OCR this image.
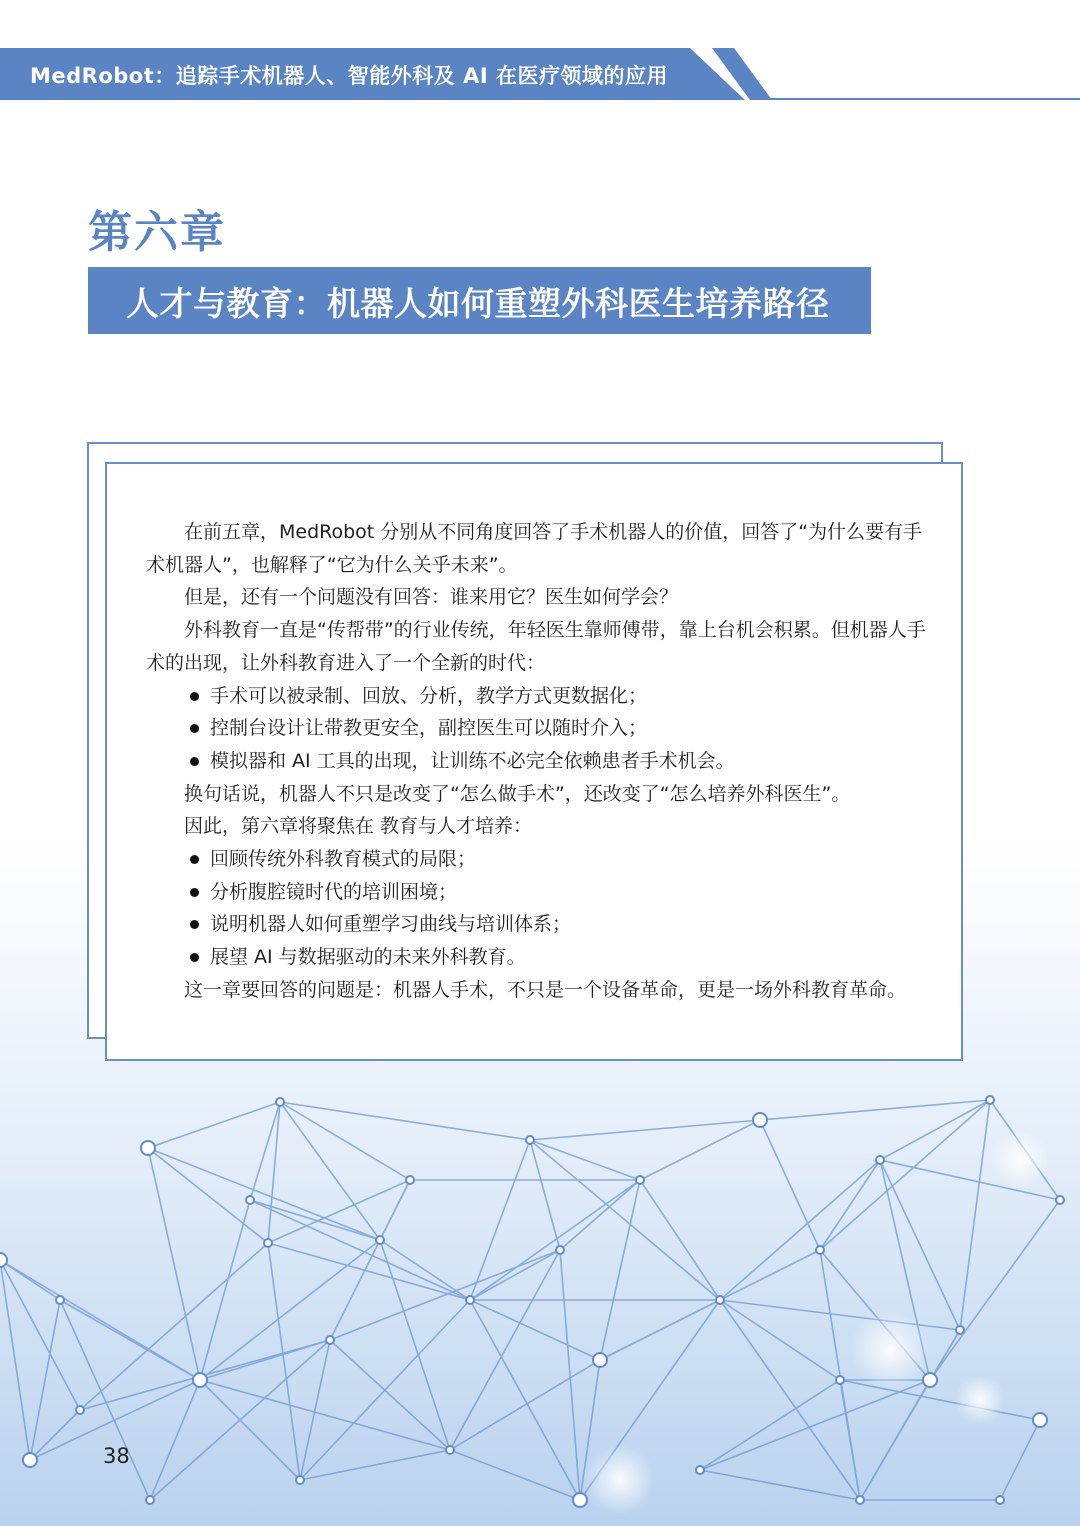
MedRobot：追踪手术机器人、智能外科及 AI 在医疗领域的应用
第六章
人才与教育：机器人如何重塑外科医生培养路径

在前五章，MedRobot 分别从不同角度回答了手术机器人的价值，回答了“为什么要有手术机器人”，也解释了“它为什么关乎未来”。

但是，还有一个问题没有回答：谁来用它？医生如何学会？

外科教育一直是“传帮带”的行业传统，年轻医生靠师傅带，靠上台机会积累。但机器人手术的出现，让外科教育进入了一个全新的时代：

手术可以被录制、回放、分析，教学方式更数据化；
控制台设计让带教更安全，副控医生可以随时介入；
模拟器和 AI 工具的出现，让训练不必完全依赖患者手术机会。

换句话说，机器人不只是改变了“怎么做手术”，还改变了“怎么培养外科医生”。

因此，第六章将聚焦在 教育与人才培养：

回顾传统外科教育模式的局限；
分析腹腔镜时代的培训困境；
说明机器人如何重塑学习曲线与培训体系；
展望 AI 与数据驱动的未来外科教育。

这一章要回答的问题是：机器人手术，不只是一个设备革命，更是一场外科教育革命。

38
